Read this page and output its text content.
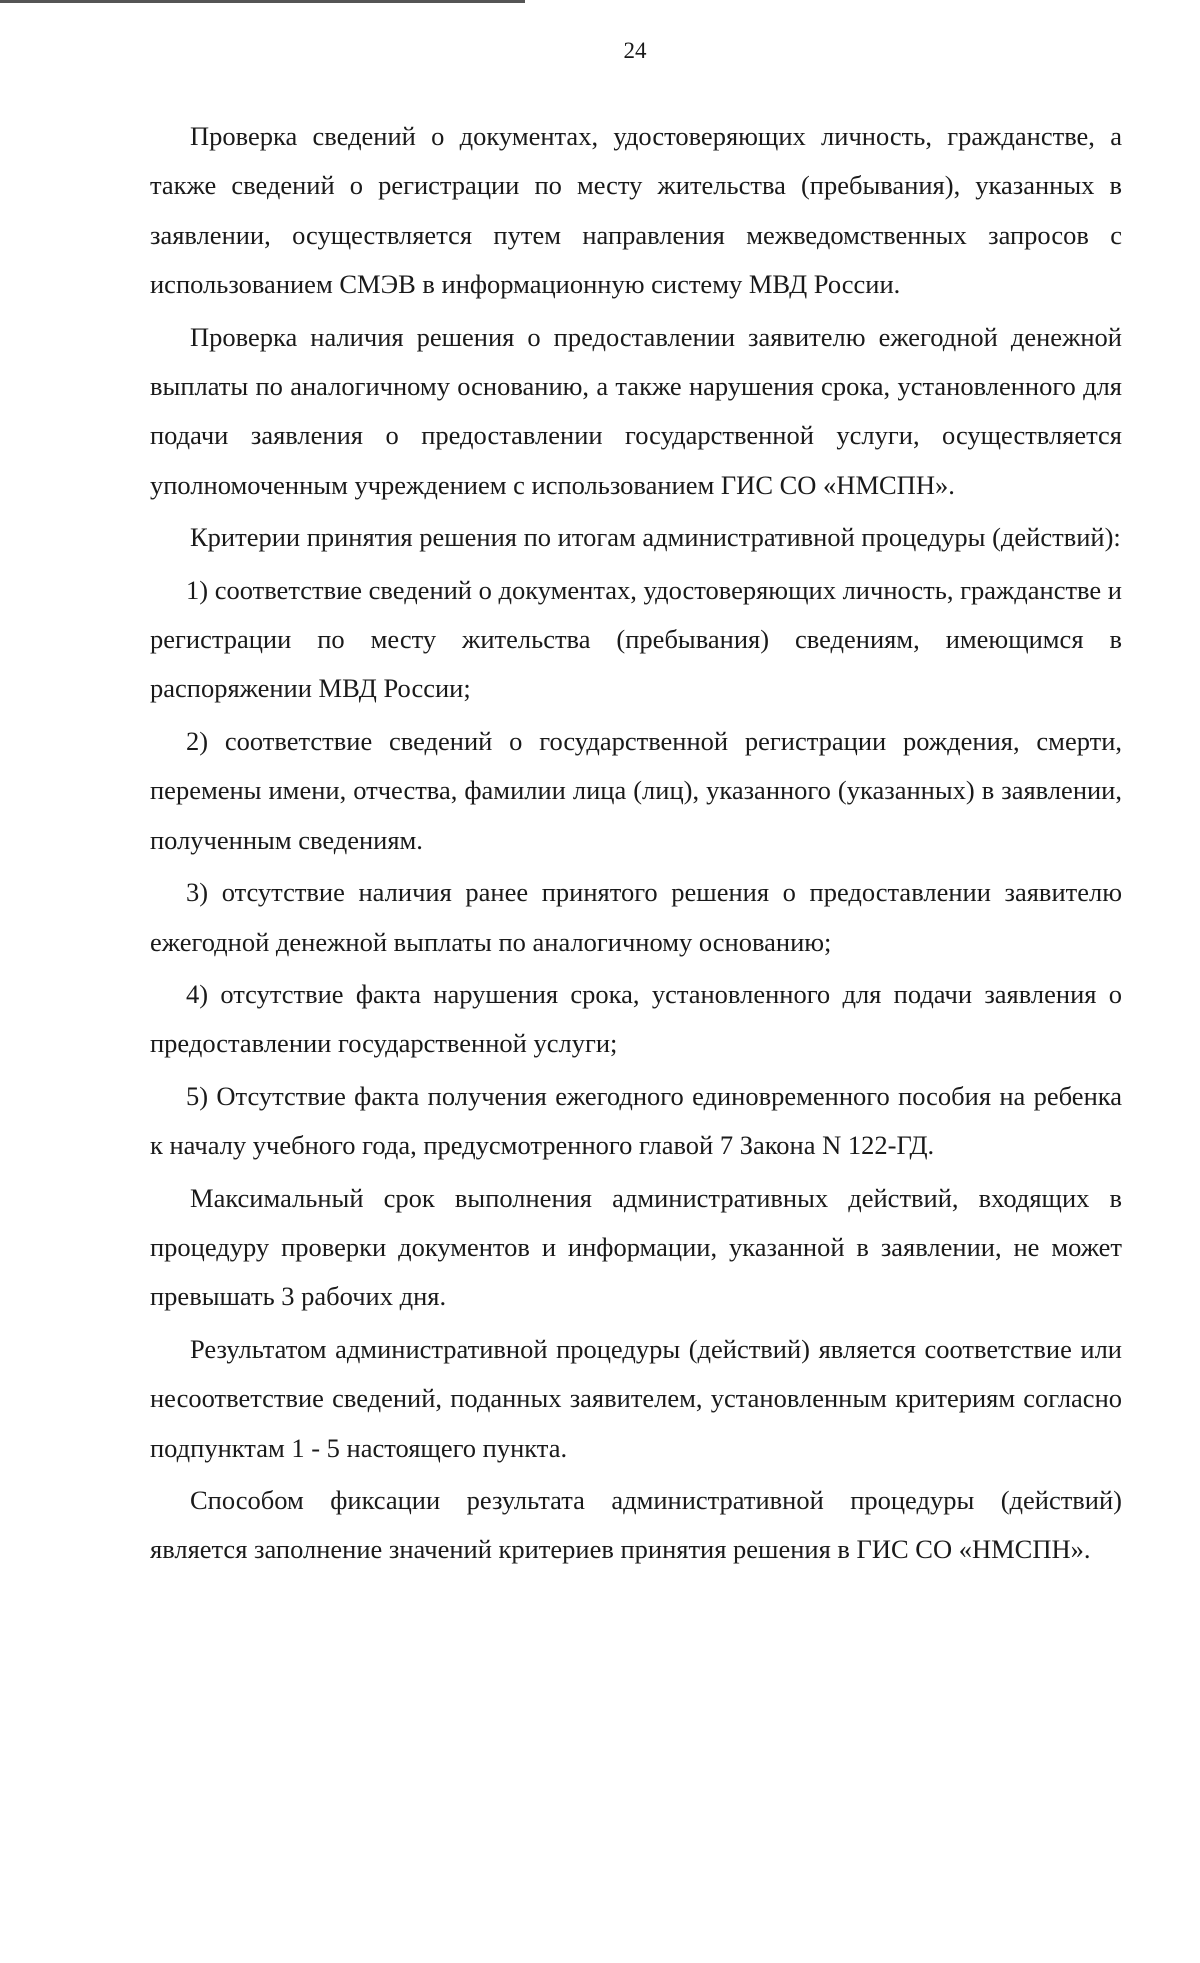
24

Проверка сведений о документах, удостоверяющих личность, гражданстве, а также сведений о регистрации по месту жительства (пребывания), указанных в заявлении, осуществляется путем направления межведомственных запросов с использованием СМЭВ в информационную систему МВД России.

Проверка наличия решения о предоставлении заявителю ежегодной денежной выплаты по аналогичному основанию, а также нарушения срока, установленного для подачи заявления о предоставлении государственной услуги, осуществляется уполномоченным учреждением с использованием ГИС СО «НМСПН».

Критерии принятия решения по итогам административной процедуры (действий):

1) соответствие сведений о документах, удостоверяющих личность, гражданстве и регистрации по месту жительства (пребывания) сведениям, имеющимся в распоряжении МВД России;

2) соответствие сведений о государственной регистрации рождения, смерти, перемены имени, отчества, фамилии лица (лиц), указанного (указанных) в заявлении, полученным сведениям.

3) отсутствие наличия ранее принятого решения о предоставлении заявителю ежегодной денежной выплаты по аналогичному основанию;

4) отсутствие факта нарушения срока, установленного для подачи заявления о предоставлении государственной услуги;

5) Отсутствие факта получения ежегодного единовременного пособия на ребенка к началу учебного года, предусмотренного главой 7 Закона N 122-ГД.

Максимальный срок выполнения административных действий, входящих в процедуру проверки документов и информации, указанной в заявлении, не может превышать 3 рабочих дня.

Результатом административной процедуры (действий) является соответствие или несоответствие сведений, поданных заявителем, установленным критериям согласно подпунктам 1 - 5 настоящего пункта.

Способом фиксации результата административной процедуры (действий) является заполнение значений критериев принятия решения в ГИС СО «НМСПН».
